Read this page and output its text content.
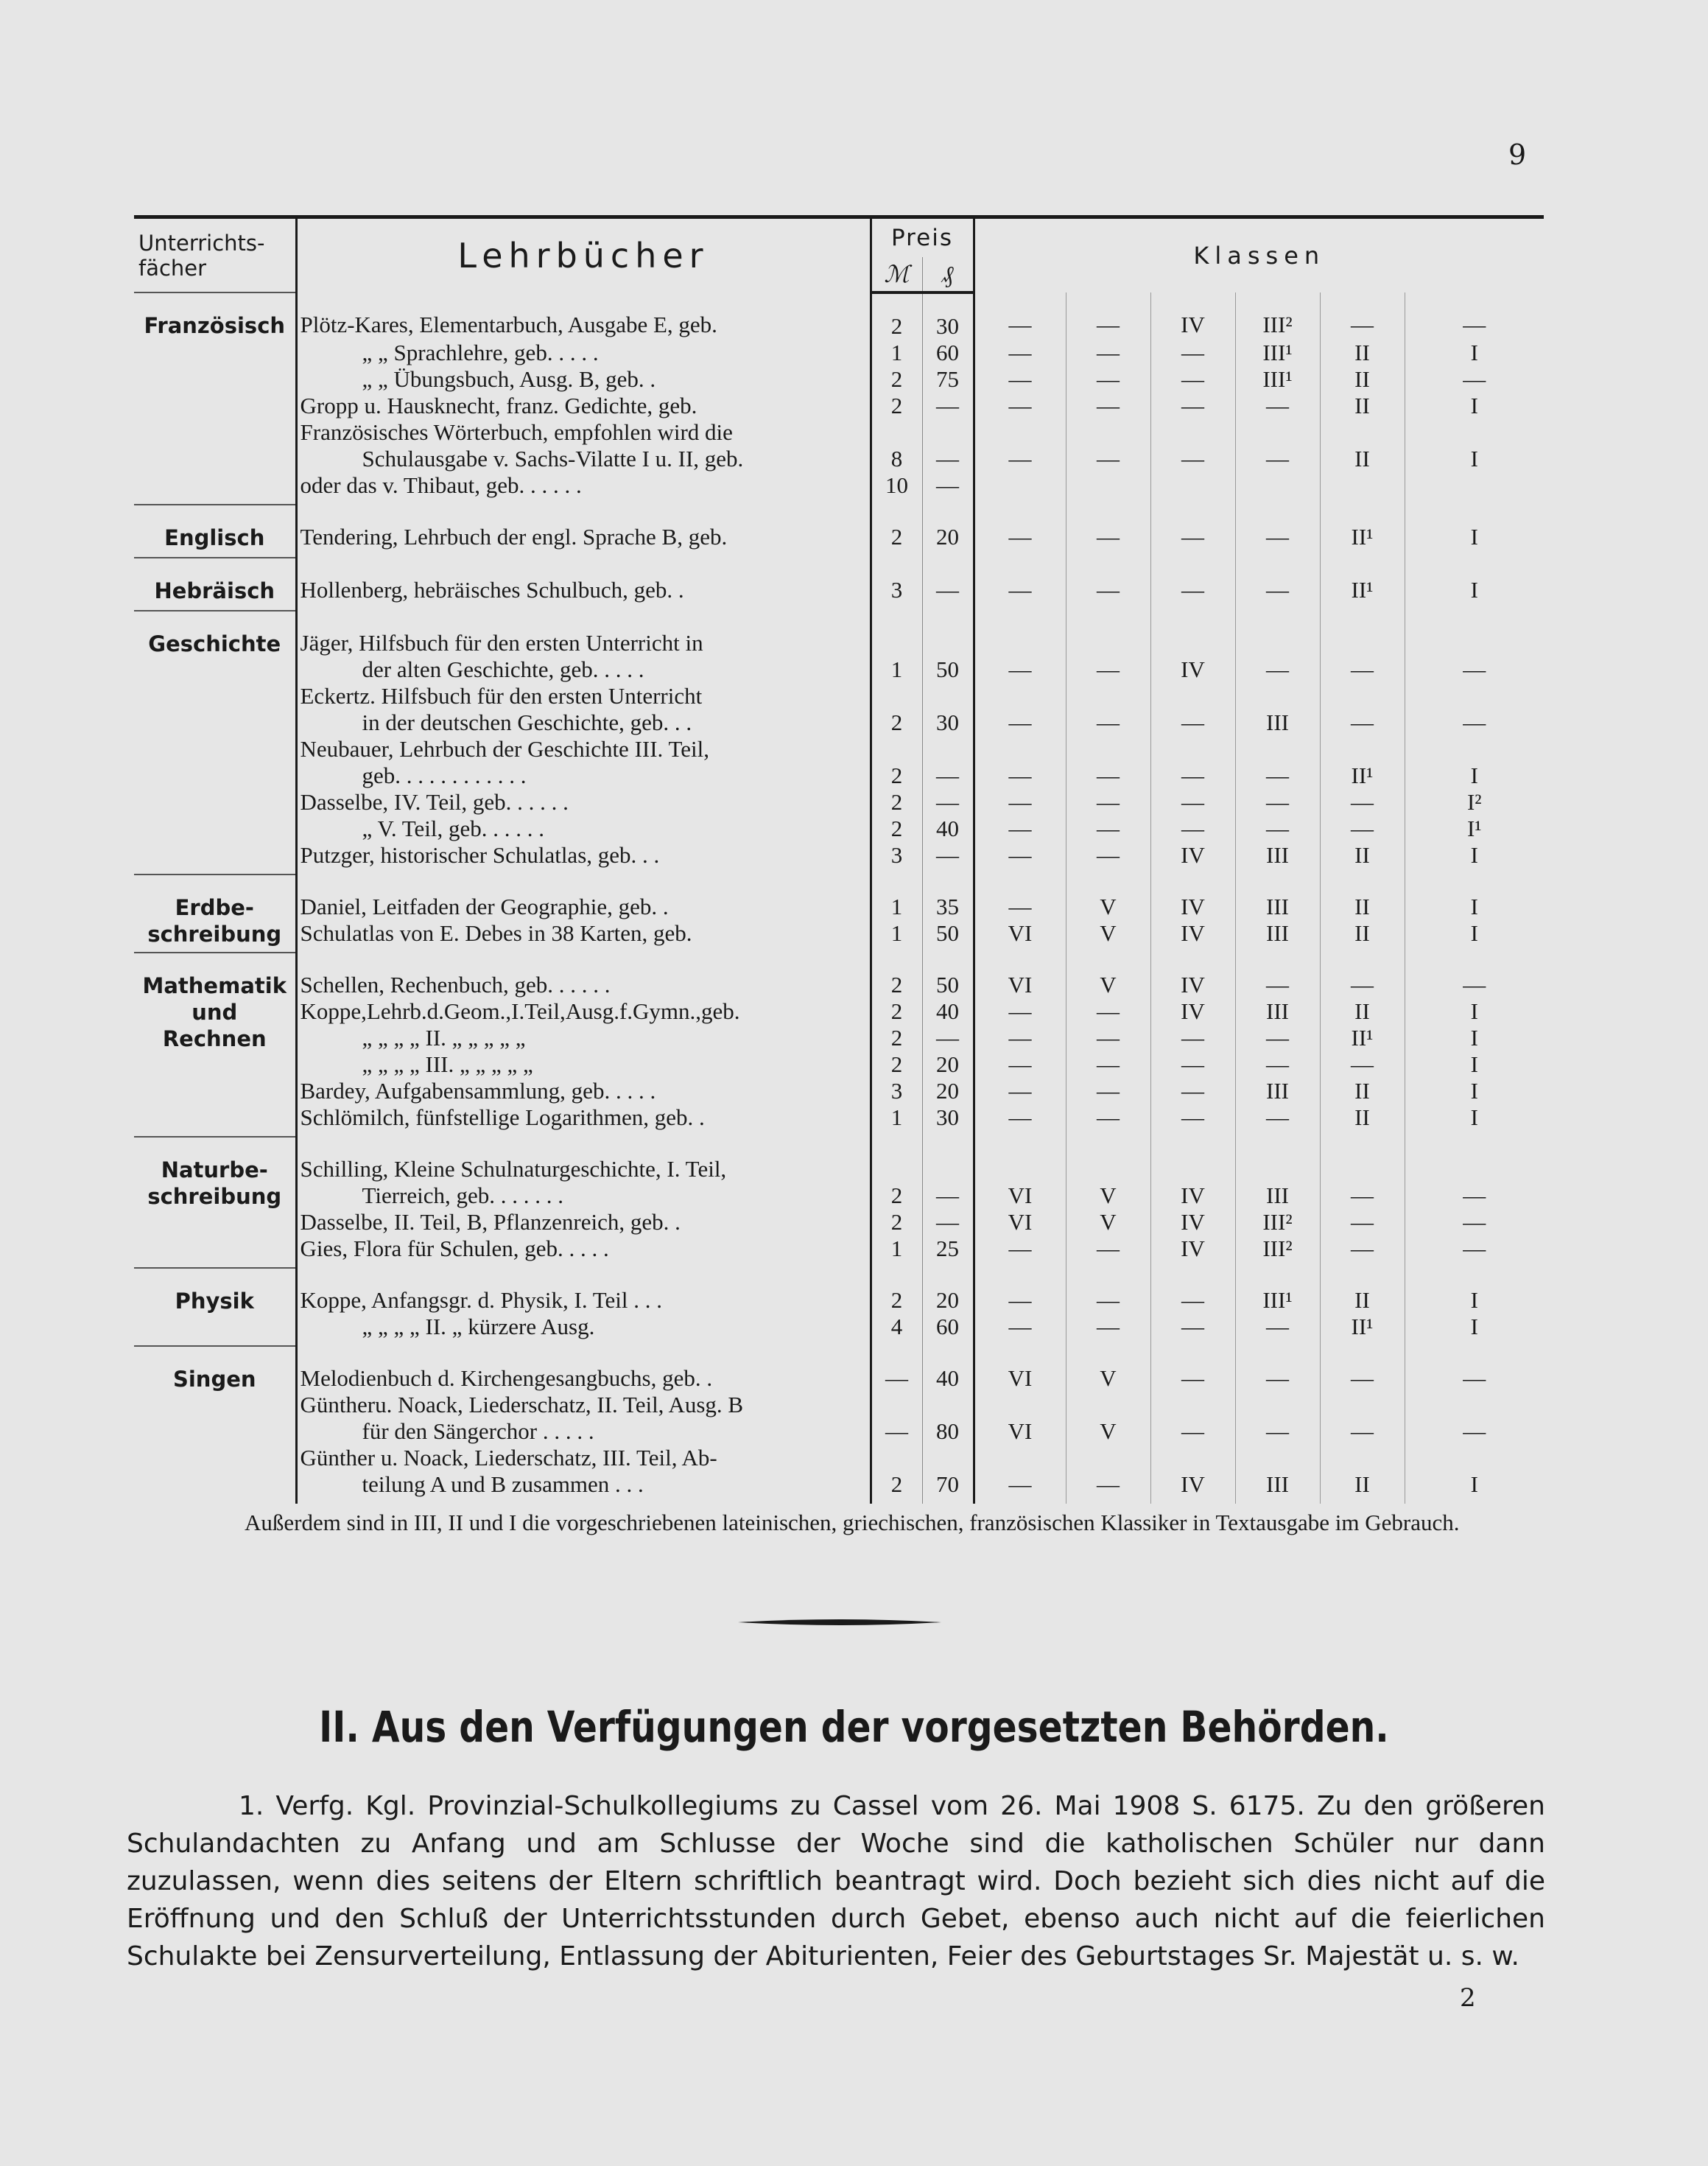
9
Unterrichts-
fächer	Lehrbücher	Preis		Klassen					
		ℳ	₰						
Französisch	Plötz-Kares, Elementarbuch, Ausgabe E, geb.	2	30	—	—	IV	III²	—	—
	„ „ Sprachlehre, geb. . . . .	1	60	—	—	—	III¹	II	I
	„ „ Übungsbuch, Ausg. B, geb. .	2	75	—	—	—	III¹	II	—
	Gropp u. Hausknecht, franz. Gedichte, geb.	2	—	—	—	—	—	II	I
	Französisches Wörterbuch, empfohlen wird die								
	Schulausgabe v. Sachs-Vilatte I u. II, geb.	8	—	—	—	—	—	II	I
	oder das v. Thibaut, geb. . . . . .	10	—						
Englisch	Tendering, Lehrbuch der engl. Sprache B, geb.	2	20	—	—	—	—	II¹	I
Hebräisch	Hollenberg, hebräisches Schulbuch, geb. .	3	—	—	—	—	—	II¹	I
Geschichte	Jäger, Hilfsbuch für den ersten Unterricht in								
	der alten Geschichte, geb. . . . .	1	50	—	—	IV	—	—	—
	Eckertz. Hilfsbuch für den ersten Unterricht								
	in der deutschen Geschichte, geb. . .	2	30	—	—	—	III	—	—
	Neubauer, Lehrbuch der Geschichte III. Teil,								
	geb. . . . . . . . . . . .	2	—	—	—	—	—	II¹	I
	Dasselbe, IV. Teil, geb. . . . . .	2	—	—	—	—	—	—	I²
	„ V. Teil, geb. . . . . .	2	40	—	—	—	—	—	I¹
	Putzger, historischer Schulatlas, geb. . .	3	—	—	—	IV	III	II	I
Erdbe-
schreibung	Daniel, Leitfaden der Geographie, geb. .	1	35	—	V	IV	III	II	I
	Schulatlas von E. Debes in 38 Karten, geb.	1	50	VI	V	IV	III	II	I
Mathematik
und
Rechnen	Schellen, Rechenbuch, geb. . . . . .	2	50	VI	V	IV	—	—	—
	Koppe,Lehrb.d.Geom.,I.Teil,Ausg.f.Gymn.,geb.	2	40	—	—	IV	III	II	I
	„ „ „ „ II. „ „ „ „ „	2	—	—	—	—	—	II¹	I
	„ „ „ „ III. „ „ „ „ „	2	20	—	—	—	—	—	I
	Bardey, Aufgabensammlung, geb. . . . .	3	20	—	—	—	III	II	I
	Schlömilch, fünfstellige Logarithmen, geb. .	1	30	—	—	—	—	II	I
Naturbe-
schreibung	Schilling, Kleine Schulnaturgeschichte, I. Teil,								
	Tierreich, geb. . . . . . .	2	—	VI	V	IV	III	—	—
	Dasselbe, II. Teil, B, Pflanzenreich, geb. .	2	—	VI	V	IV	III²	—	—
	Gies, Flora für Schulen, geb. . . . .	1	25	—	—	IV	III²	—	—
Physik	Koppe, Anfangsgr. d. Physik, I. Teil . . .	2	20	—	—	—	III¹	II	I
	„ „ „ „ II. „ kürzere Ausg.	4	60	—	—	—	—	II¹	I
Singen	Melodienbuch d. Kirchengesangbuchs, geb. .	—	40	VI	V	—	—	—	—
	Güntheru. Noack, Liederschatz, II. Teil, Ausg. B								
	für den Sängerchor . . . . .	—	80	VI	V	—	—	—	—
	Günther u. Noack, Liederschatz, III. Teil, Ab-								
	teilung A und B zusammen . . .	2	70	—	—	IV	III	II	I
Außerdem sind in III, II und I die vorgeschriebenen lateinischen, griechischen, französischen Klassiker in Textausgabe im Gebrauch.
II. Aus den Verfügungen der vorgesetzten Behörden.
1. Verfg. Kgl. Provinzial-Schulkollegiums zu Cassel vom 26. Mai 1908 S. 6175. Zu den größeren Schulandachten zu Anfang und am Schlusse der Woche sind die katholischen Schüler nur dann zuzulassen, wenn dies seitens der Eltern schriftlich beantragt wird. Doch bezieht sich dies nicht auf die Eröffnung und den Schluß der Unterrichtsstunden durch Gebet, ebenso auch nicht auf die feierlichen Schulakte bei Zensurverteilung, Entlassung der Abiturienten, Feier des Geburtstages Sr. Majestät u. s. w.
2
